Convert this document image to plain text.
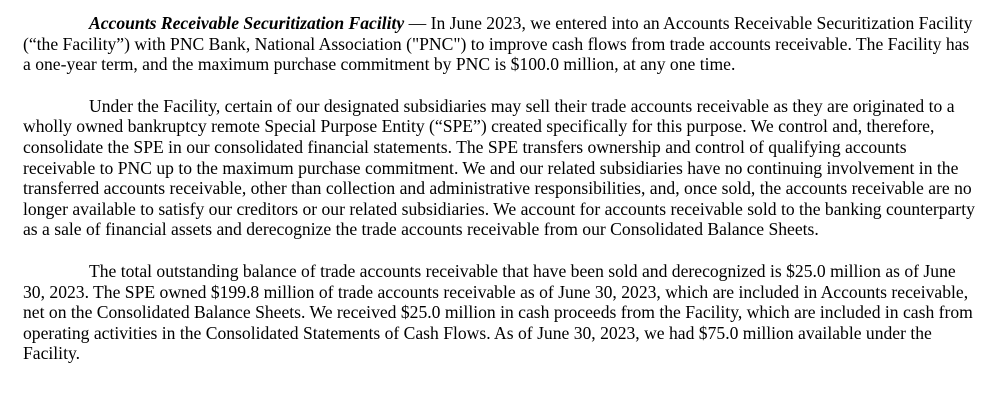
Accounts Receivable Securitization Facility — In June 2023, we entered into an Accounts Receivable Securitization Facility (“the Facility”) with PNC Bank, National Association ("PNC") to improve cash flows from trade accounts receivable. The Facility has a one-year term, and the maximum purchase commitment by PNC is $100.0 million, at any one time.

Under the Facility, certain of our designated subsidiaries may sell their trade accounts receivable as they are originated to a wholly owned bankruptcy remote Special Purpose Entity (“SPE”) created specifically for this purpose. We control and, therefore, consolidate the SPE in our consolidated financial statements. The SPE transfers ownership and control of qualifying accounts receivable to PNC up to the maximum purchase commitment. We and our related subsidiaries have no continuing involvement in the transferred accounts receivable, other than collection and administrative responsibilities, and, once sold, the accounts receivable are no longer available to satisfy our creditors or our related subsidiaries. We account for accounts receivable sold to the banking counterparty as a sale of financial assets and derecognize the trade accounts receivable from our Consolidated Balance Sheets.

The total outstanding balance of trade accounts receivable that have been sold and derecognized is $25.0 million as of June 30, 2023. The SPE owned $199.8 million of trade accounts receivable as of June 30, 2023, which are included in Accounts receivable, net on the Consolidated Balance Sheets. We received $25.0 million in cash proceeds from the Facility, which are included in cash from operating activities in the Consolidated Statements of Cash Flows. As of June 30, 2023, we had $75.0 million available under the Facility.
